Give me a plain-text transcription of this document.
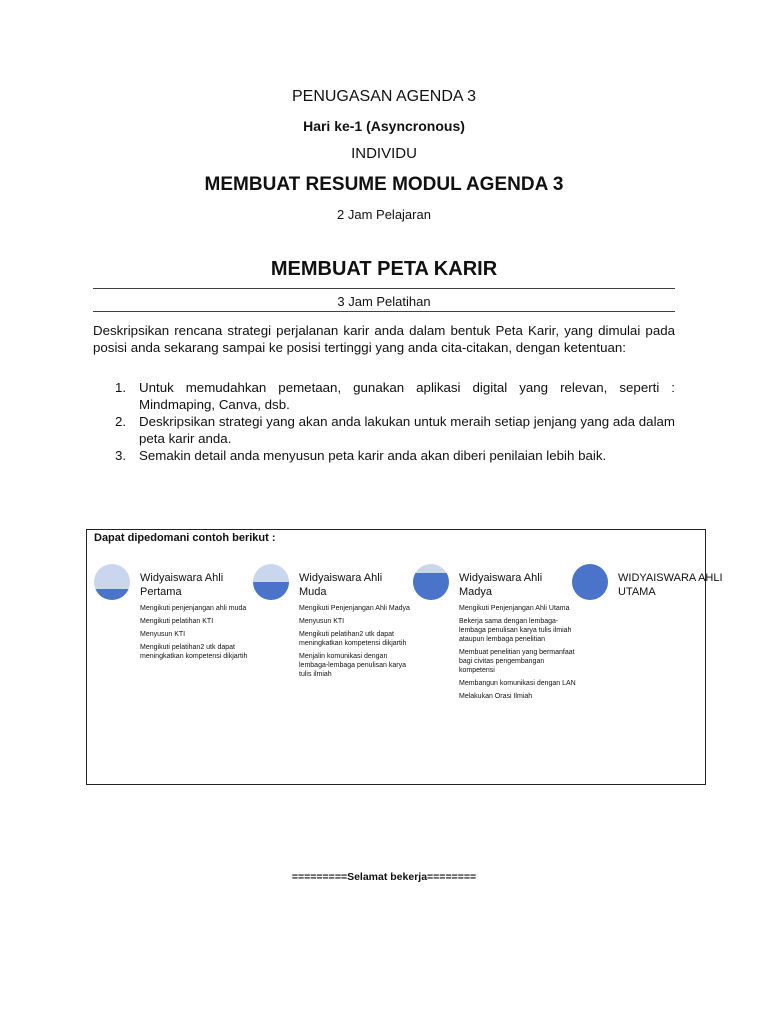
PENUGASAN AGENDA 3
Hari ke-1 (Asyncronous)
INDIVIDU
MEMBUAT RESUME MODUL AGENDA 3
2 Jam Pelajaran
MEMBUAT PETA KARIR
3 Jam Pelatihan
Deskripsikan rencana strategi perjalanan karir anda dalam bentuk Peta Karir, yang dimulai pada posisi anda sekarang sampai ke posisi tertinggi yang anda cita-citakan, dengan ketentuan:
1. Untuk memudahkan pemetaan, gunakan aplikasi digital yang relevan, seperti : Mindmaping, Canva, dsb.
2. Deskripsikan strategi yang akan anda lakukan untuk meraih setiap jenjang yang ada dalam peta karir anda.
3. Semakin detail anda menyusun peta karir anda akan diberi penilaian lebih baik.
Dapat dipedomani contoh berikut :
Widyaiswara Ahli Pertama
Mengikuti penjenjangan ahli muda
Mengikuti pelatihan KTI
Menyusun KTI
Mengikuti pelatihan2 utk dapat meningkatkan kompetensi dikjartih
Widyaiswara Ahli Muda
Mengikuti Penjenjangan Ahli Madya
Menyusun KTI
Mengikuti pelatihan2 utk dapat meningkatkan kompetensi dikjartih
Menjalin komunikasi dengan lembaga-lembaga penulisan karya tulis ilmiah
Widyaiswara Ahli Madya
Mengikuti Penjenjangan Ahli Utama
Bekerja sama dengan lembaga-lembaga penulisan karya tulis ilmiah ataupun lembaga penelitian
Membuat penelitian yang bermanfaat bagi civitas pengembangan kompetensi
Membangun komunikasi dengan LAN
Melakukan Orasi Ilmiah
WIDYAISWARA AHLI UTAMA
=========Selamat bekerja========
